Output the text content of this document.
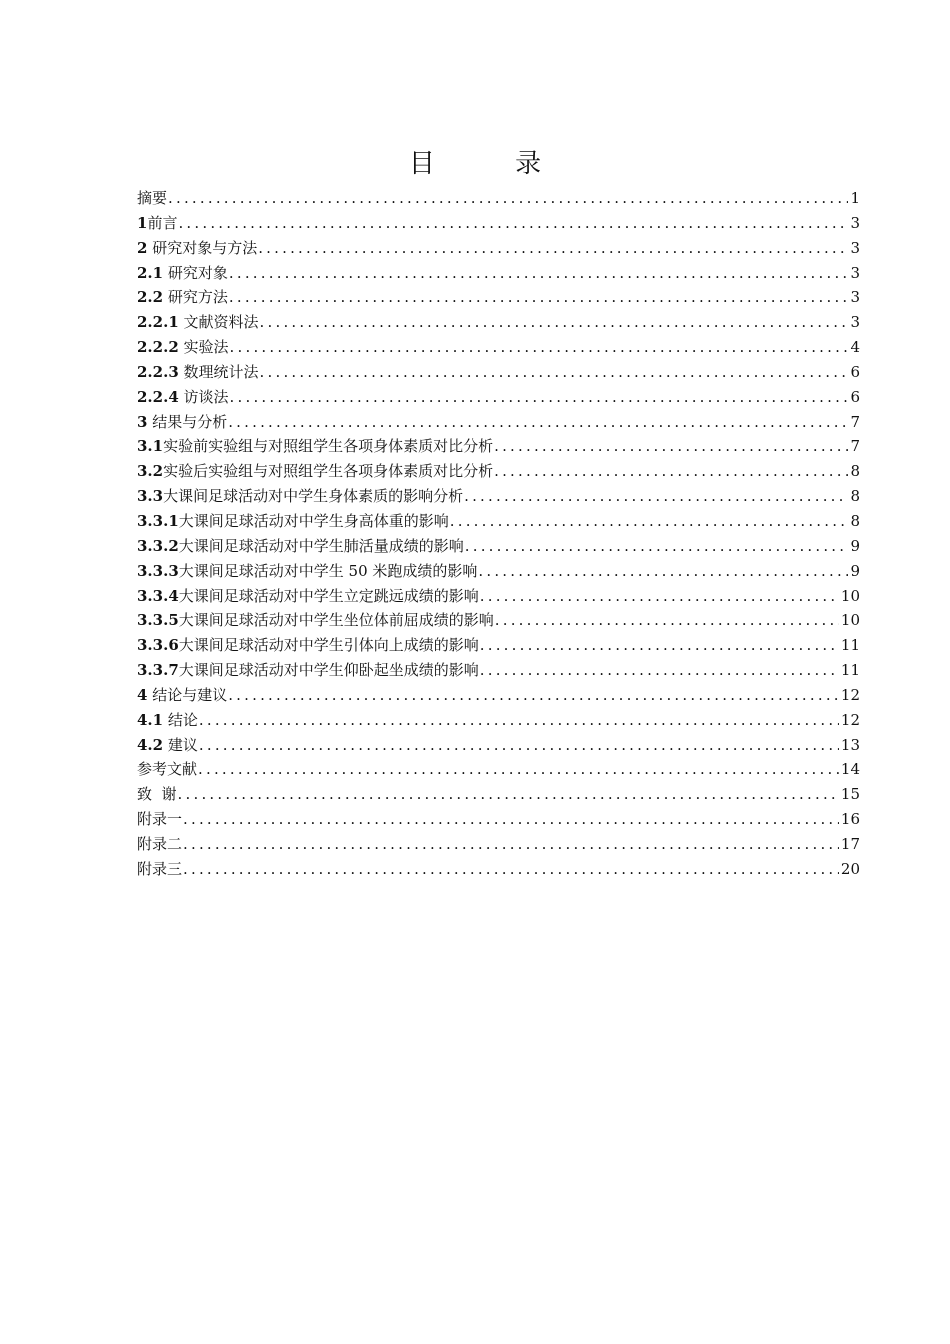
目 录
摘要 .....	1
1前言 .....	3
2 研究对象与方法 .....	3
2.1 研究对象 .....	3
2.2 研究方法 .....	3
2.2.1 文献资料法 .....	3
2.2.2 实验法 .....	4
2.2.3 数理统计法 .....	6
2.2.4 访谈法 .....	6
3 结果与分析 .....	7
3.1实验前实验组与对照组学生各项身体素质对比分析 .....	7
3.2实验后实验组与对照组学生各项身体素质对比分析 .....	8
3.3大课间足球活动对中学生身体素质的影响分析 .....	8
3.3.1大课间足球活动对中学生身高体重的影响 .....	8
3.3.2大课间足球活动对中学生肺活量成绩的影响 .....	9
3.3.3大课间足球活动对中学生 50 米跑成绩的影响 .....	9
3.3.4大课间足球活动对中学生立定跳远成绩的影响 .....	10
3.3.5大课间足球活动对中学生坐位体前屈成绩的影响 .....	10
3.3.6大课间足球活动对中学生引体向上成绩的影响 .....	11
3.3.7大课间足球活动对中学生仰卧起坐成绩的影响 .....	11
4 结论与建议 .....	12
4.1 结论 .....	12
4.2 建议 .....	13
参考文献 .....	14
致  谢 .....	15
附录一 .....	16
附录二 .....	17
附录三 .....	20
